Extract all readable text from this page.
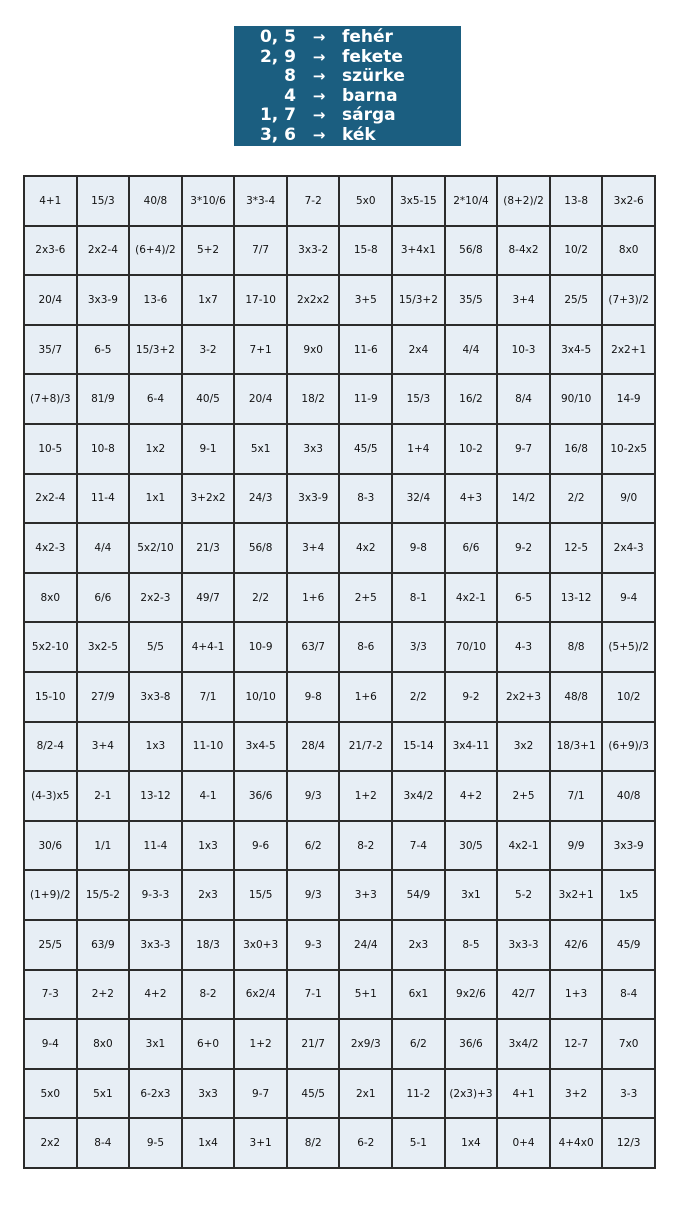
0, 5	→ fehér
2, 9	→ fekete
8	→ szürke
4	→ barna
1, 7	→ sárga
3, 6	→ kék
4+1	15/3	40/8	3*10/6	3*3-4	7-2	5x0	3x5-15	2*10/4	(8+2)/2	13-8	3x2-6
2x3-6	2x2-4	(6+4)/2	5+2	7/7	3x3-2	15-8	3+4x1	56/8	8-4x2	10/2	8x0
20/4	3x3-9	13-6	1x7	17-10	2x2x2	3+5	15/3+2	35/5	3+4	25/5	(7+3)/2
35/7	6-5	15/3+2	3-2	7+1	9x0	11-6	2x4	4/4	10-3	3x4-5	2x2+1
(7+8)/3	81/9	6-4	40/5	20/4	18/2	11-9	15/3	16/2	8/4	90/10	14-9
10-5	10-8	1x2	9-1	5x1	3x3	45/5	1+4	10-2	9-7	16/8	10-2x5
2x2-4	11-4	1x1	3+2x2	24/3	3x3-9	8-3	32/4	4+3	14/2	2/2	9/0
4x2-3	4/4	5x2/10	21/3	56/8	3+4	4x2	9-8	6/6	9-2	12-5	2x4-3
8x0	6/6	2x2-3	49/7	2/2	1+6	2+5	8-1	4x2-1	6-5	13-12	9-4
5x2-10	3x2-5	5/5	4+4-1	10-9	63/7	8-6	3/3	70/10	4-3	8/8	(5+5)/2
15-10	27/9	3x3-8	7/1	10/10	9-8	1+6	2/2	9-2	2x2+3	48/8	10/2
8/2-4	3+4	1x3	11-10	3x4-5	28/4	21/7-2	15-14	3x4-11	3x2	18/3+1	(6+9)/3
(4-3)x5	2-1	13-12	4-1	36/6	9/3	1+2	3x4/2	4+2	2+5	7/1	40/8
30/6	1/1	11-4	1x3	9-6	6/2	8-2	7-4	30/5	4x2-1	9/9	3x3-9
(1+9)/2	15/5-2	9-3-3	2x3	15/5	9/3	3+3	54/9	3x1	5-2	3x2+1	1x5
25/5	63/9	3x3-3	18/3	3x0+3	9-3	24/4	2x3	8-5	3x3-3	42/6	45/9
7-3	2+2	4+2	8-2	6x2/4	7-1	5+1	6x1	9x2/6	42/7	1+3	8-4
9-4	8x0	3x1	6+0	1+2	21/7	2x9/3	6/2	36/6	3x4/2	12-7	7x0
5x0	5x1	6-2x3	3x3	9-7	45/5	2x1	11-2	(2x3)+3	4+1	3+2	3-3
2x2	8-4	9-5	1x4	3+1	8/2	6-2	5-1	1x4	0+4	4+4x0	12/3
